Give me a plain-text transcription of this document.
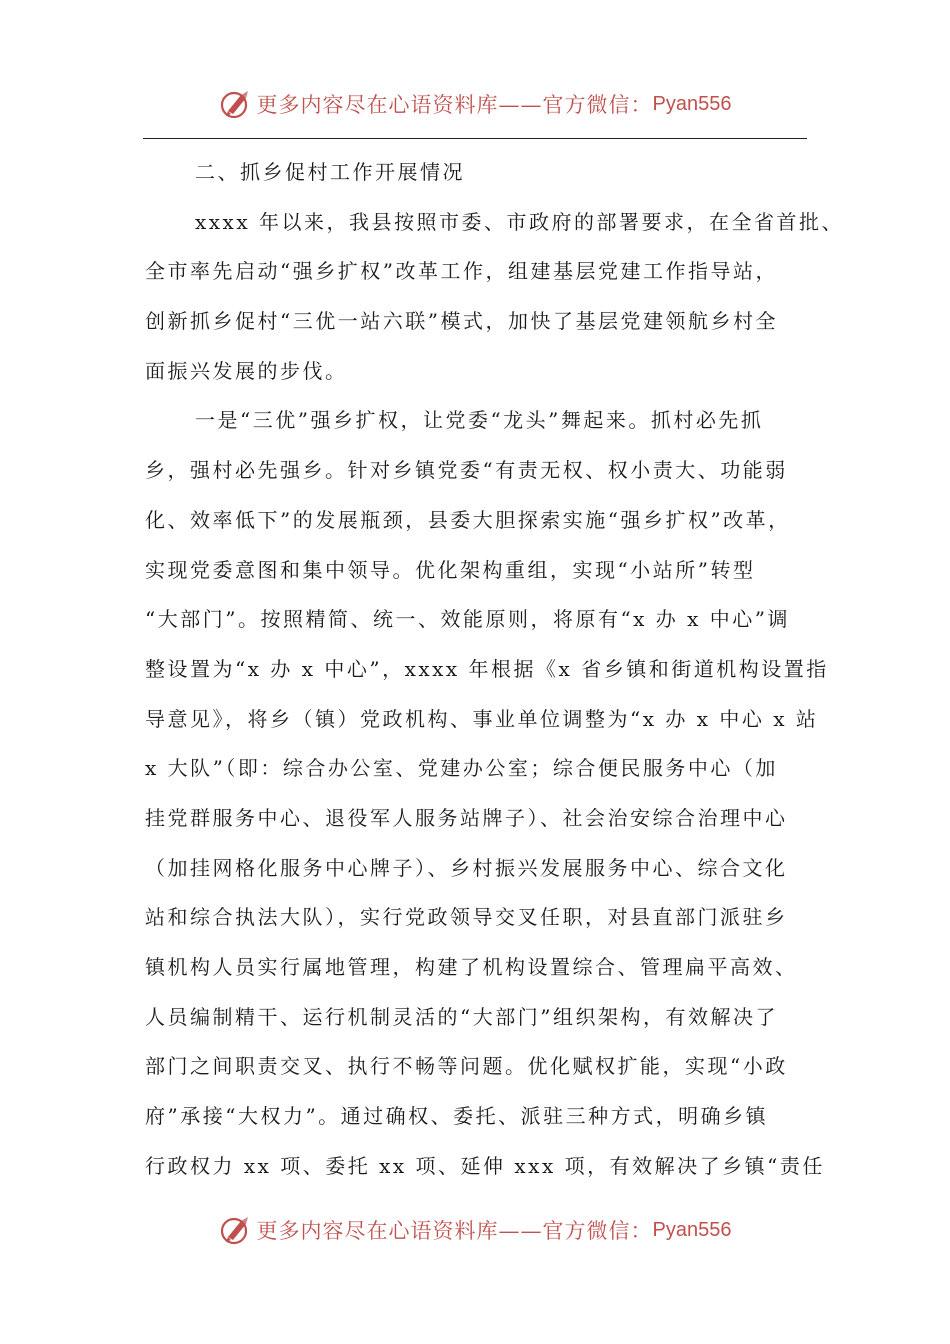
更多内容尽在心语资料库——官方微信： Pyan556
二、抓乡促村工作开展情况
xxxx 年以来，我县按照市委、市政府的部署要求，在全省首批、
全市率先启动“强乡扩权”改革工作，组建基层党建工作指导站，
创新抓乡促村“三优一站六联”模式，加快了基层党建领航乡村全
面振兴发展的步伐。
一是“三优”强乡扩权，让党委“龙头”舞起来。抓村必先抓
乡，强村必先强乡。针对乡镇党委“有责无权、权小责大、功能弱
化、效率低下”的发展瓶颈，县委大胆探索实施“强乡扩权”改革，
实现党委意图和集中领导。优化架构重组，实现“小站所”转型
“大部门”。按照精简、统一、效能原则，将原有“x 办 x 中心”调
整设置为“x 办 x 中心”，xxxx 年根据《x 省乡镇和街道机构设置指
导意见》，将乡（镇）党政机构、事业单位调整为“x 办 x 中心 x 站
x 大队”（即：综合办公室、党建办公室；综合便民服务中心（加
挂党群服务中心、退役军人服务站牌子）、社会治安综合治理中心
（加挂网格化服务中心牌子）、乡村振兴发展服务中心、综合文化
站和综合执法大队），实行党政领导交叉任职，对县直部门派驻乡
镇机构人员实行属地管理，构建了机构设置综合、管理扁平高效、
人员编制精干、运行机制灵活的“大部门”组织架构，有效解决了
部门之间职责交叉、执行不畅等问题。优化赋权扩能，实现“小政
府”承接“大权力”。通过确权、委托、派驻三种方式，明确乡镇
行政权力 xx 项、委托 xx 项、延伸 xxx 项，有效解决了乡镇“责任
更多内容尽在心语资料库——官方微信： Pyan556
